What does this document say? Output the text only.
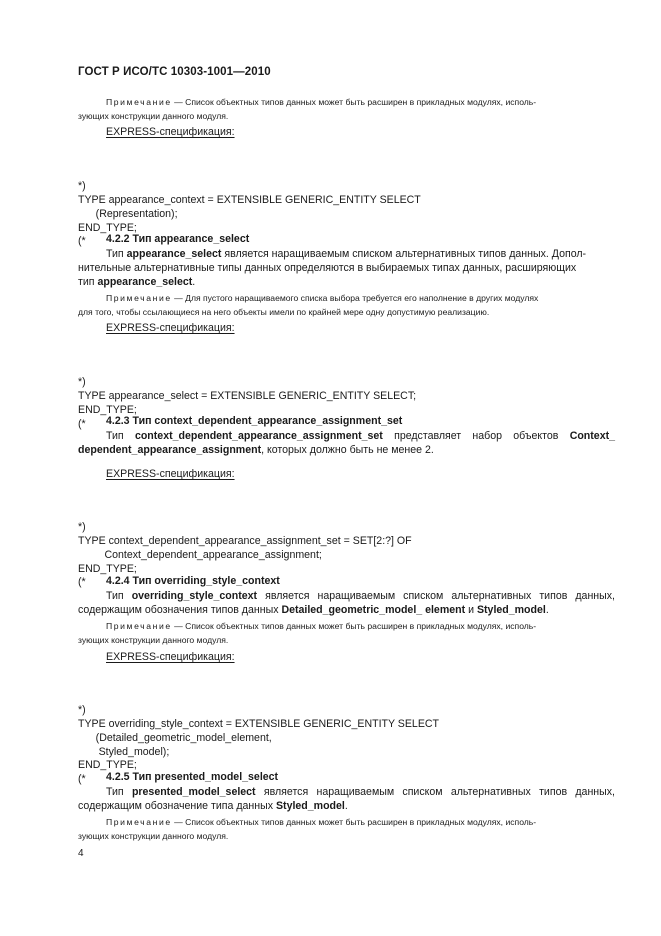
ГОСТ Р ИСО/ТС 10303-1001—2010
Примечание — Список объектных типов данных может быть расширен в прикладных модулях, исполь-
зующих конструкции данного модуля.
EXPRESS-спецификация:

*)
TYPE appearance_context = EXTENSIBLE GENERIC_ENTITY SELECT
(Representation);
END_TYPE;
(*

	4.2.2 Тип appearance_select
Тип appearance_select является наращиваемым списком альтернативных типов данных. Допол-
нительные альтернативные типы данных определяются в выбираемых типах данных, расширяющих
тип appearance_select.
Примечание — Для пустого наращиваемого списка выбора требуется его наполнение в других модулях
для того, чтобы ссылающиеся на него объекты имели по крайней мере одну допустимую реализацию.
EXPRESS-спецификация:

*)
TYPE appearance_select = EXTENSIBLE GENERIC_ENTITY SELECT;
END_TYPE;
(*

	4.2.3 Тип context_dependent_appearance_assignment_set
Тип context_dependent_appearance_assignment_set представляет набор объектов Context_
dependent_appearance_assignment, которых должно быть не менее 2.
EXPRESS-спецификация:

*)
TYPE context_dependent_appearance_assignment_set = SET[2:?] OF
Context_dependent_appearance_assignment;
END_TYPE;
(*

	4.2.4 Тип overriding_style_context
Тип overriding_style_context является наращиваемым списком альтернативных типов данных,
содержащим обозначения типов данных Detailed_geometric_model_ element и Styled_model.
Примечание — Список объектных типов данных может быть расширен в прикладных модулях, исполь-
зующих конструкции данного модуля.
EXPRESS-спецификация:

*)
TYPE overriding_style_context = EXTENSIBLE GENERIC_ENTITY SELECT
(Detailed_geometric_model_element,
Styled_model);
END_TYPE;
(*

	4.2.5 Тип presented_model_select
Тип presented_model_select является наращиваемым списком альтернативных типов данных,
содержащим обозначение типа данных Styled_model.
Примечание — Список объектных типов данных может быть расширен в прикладных модулях, исполь-
зующих конструкции данного модуля.
4
